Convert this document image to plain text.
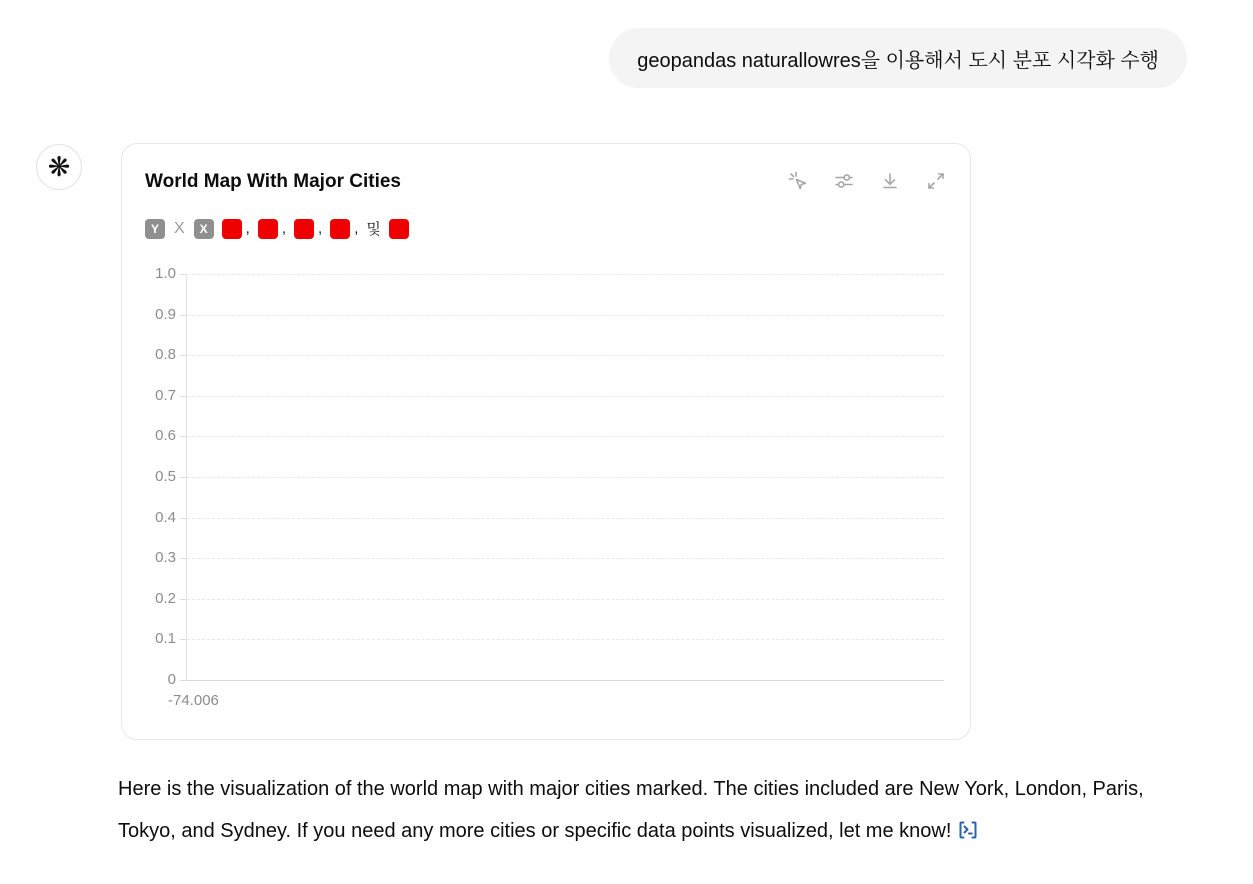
geopandas naturallowres을 이용해서 도시 분포 시각화 수행
❋	World Map With Major Cities
Y X	X	, , , , 및
-74.006
1.0
0.9
0.8
0.7
0.6
0.5
0.4
0.3
0.2
0.1
0
Here is the visualization of the world map with major cities marked. The cities included are New York, London, Paris, Tokyo, and Sydney. If you need any more cities or specific data points visualized, let me know!
